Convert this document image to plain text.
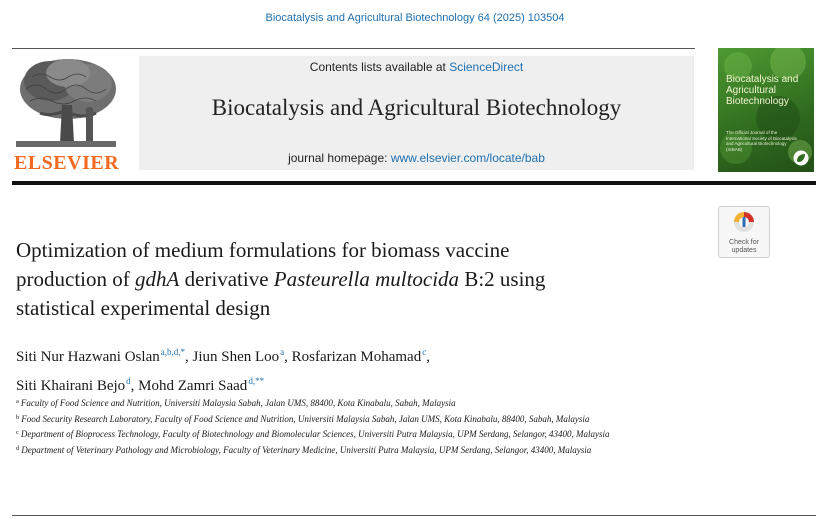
Biocatalysis and Agricultural Biotechnology 64 (2025) 103504
ELSEVIER
Contents lists available at ScienceDirect
Biocatalysis and Agricultural Biotechnology
journal homepage: www.elsevier.com/locate/bab
Biocatalysis and
Agricultural
Biotechnology
The Official Journal of the International Society of Biocatalysis and Agricultural Biotechnology (ISBAB)
Check for
updates
Optimization of medium formulations for biomass vaccine
production of gdhA derivative Pasteurella multocida B:2 using
statistical experimental design
Siti Nur Hazwani Oslan$^{a,b,d,*}$, Jiun Shen Loo$^a$, Rosfarizan Mohamad$^c$,
Siti Khairani Bejo$^d$, Mohd Zamri Saad$^{d,**}$
$^a$ Faculty of Food Science and Nutrition, Universiti Malaysia Sabah, Jalan UMS, 88400, Kota Kinabalu, Sabah, Malaysia
$^b$ Food Security Research Laboratory, Faculty of Food Science and Nutrition, Universiti Malaysia Sabah, Jalan UMS, Kota Kinabalu, 88400, Sabah, Malaysia
$^c$ Department of Bioprocess Technology, Faculty of Biotechnology and Biomolecular Sciences, Universiti Putra Malaysia, UPM Serdang, Selangor, 43400, Malaysia
$^d$ Department of Veterinary Pathology and Microbiology, Faculty of Veterinary Medicine, Universiti Putra Malaysia, UPM Serdang, Selangor, 43400, Malaysia
